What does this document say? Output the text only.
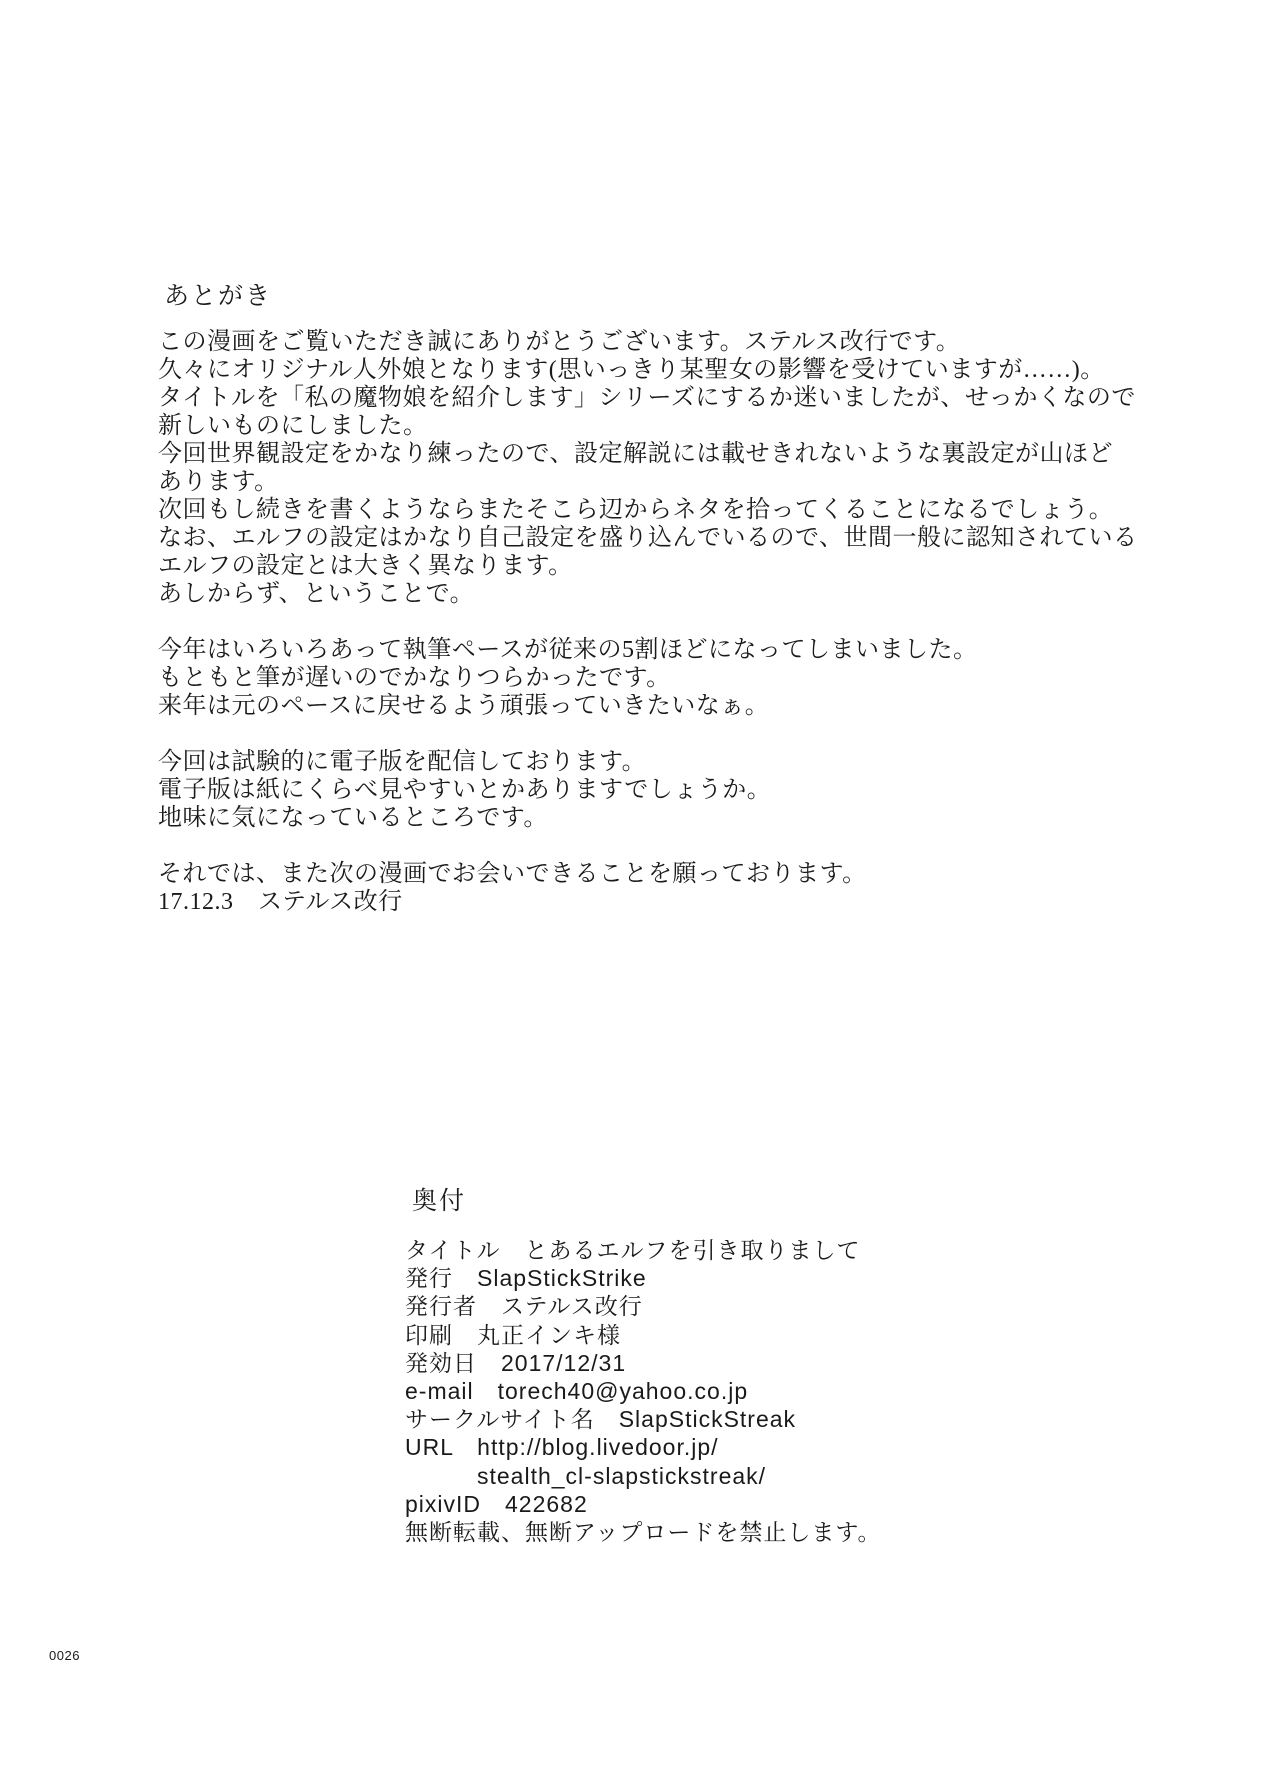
あとがき
この漫画をご覧いただき誠にありがとうございます。ステルス改行です。
久々にオリジナル人外娘となります(思いっきり某聖女の影響を受けていますが……)。
タイトルを「私の魔物娘を紹介します」シリーズにするか迷いましたが、せっかくなので
新しいものにしました。
今回世界観設定をかなり練ったので、設定解説には載せきれないような裏設定が山ほど
あります。
次回もし続きを書くようならまたそこら辺からネタを拾ってくることになるでしょう。
なお、エルフの設定はかなり自己設定を盛り込んでいるので、世間一般に認知されている
エルフの設定とは大きく異なります。
あしからず、ということで。
今年はいろいろあって執筆ペースが従来の5割ほどになってしまいました。
もともと筆が遅いのでかなりつらかったです。
来年は元のペースに戻せるよう頑張っていきたいなぁ。
今回は試験的に電子版を配信しております。
電子版は紙にくらべ見やすいとかありますでしょうか。
地味に気になっているところです。
それでは、また次の漫画でお会いできることを願っております。
17.12.3　ステルス改行
奥付
タイトル　とあるエルフを引き取りまして
発行　SlapStickStrike
発行者　ステルス改行
印刷　丸正インキ様
発効日　2017/12/31
e-mail　torech40@yahoo.co.jp
サークルサイト名　SlapStickStreak
URL　http://blog.livedoor.jp/
　　　stealth_cl-slapstickstreak/
pixivID　422682
無断転載、無断アップロードを禁止します。
0026
